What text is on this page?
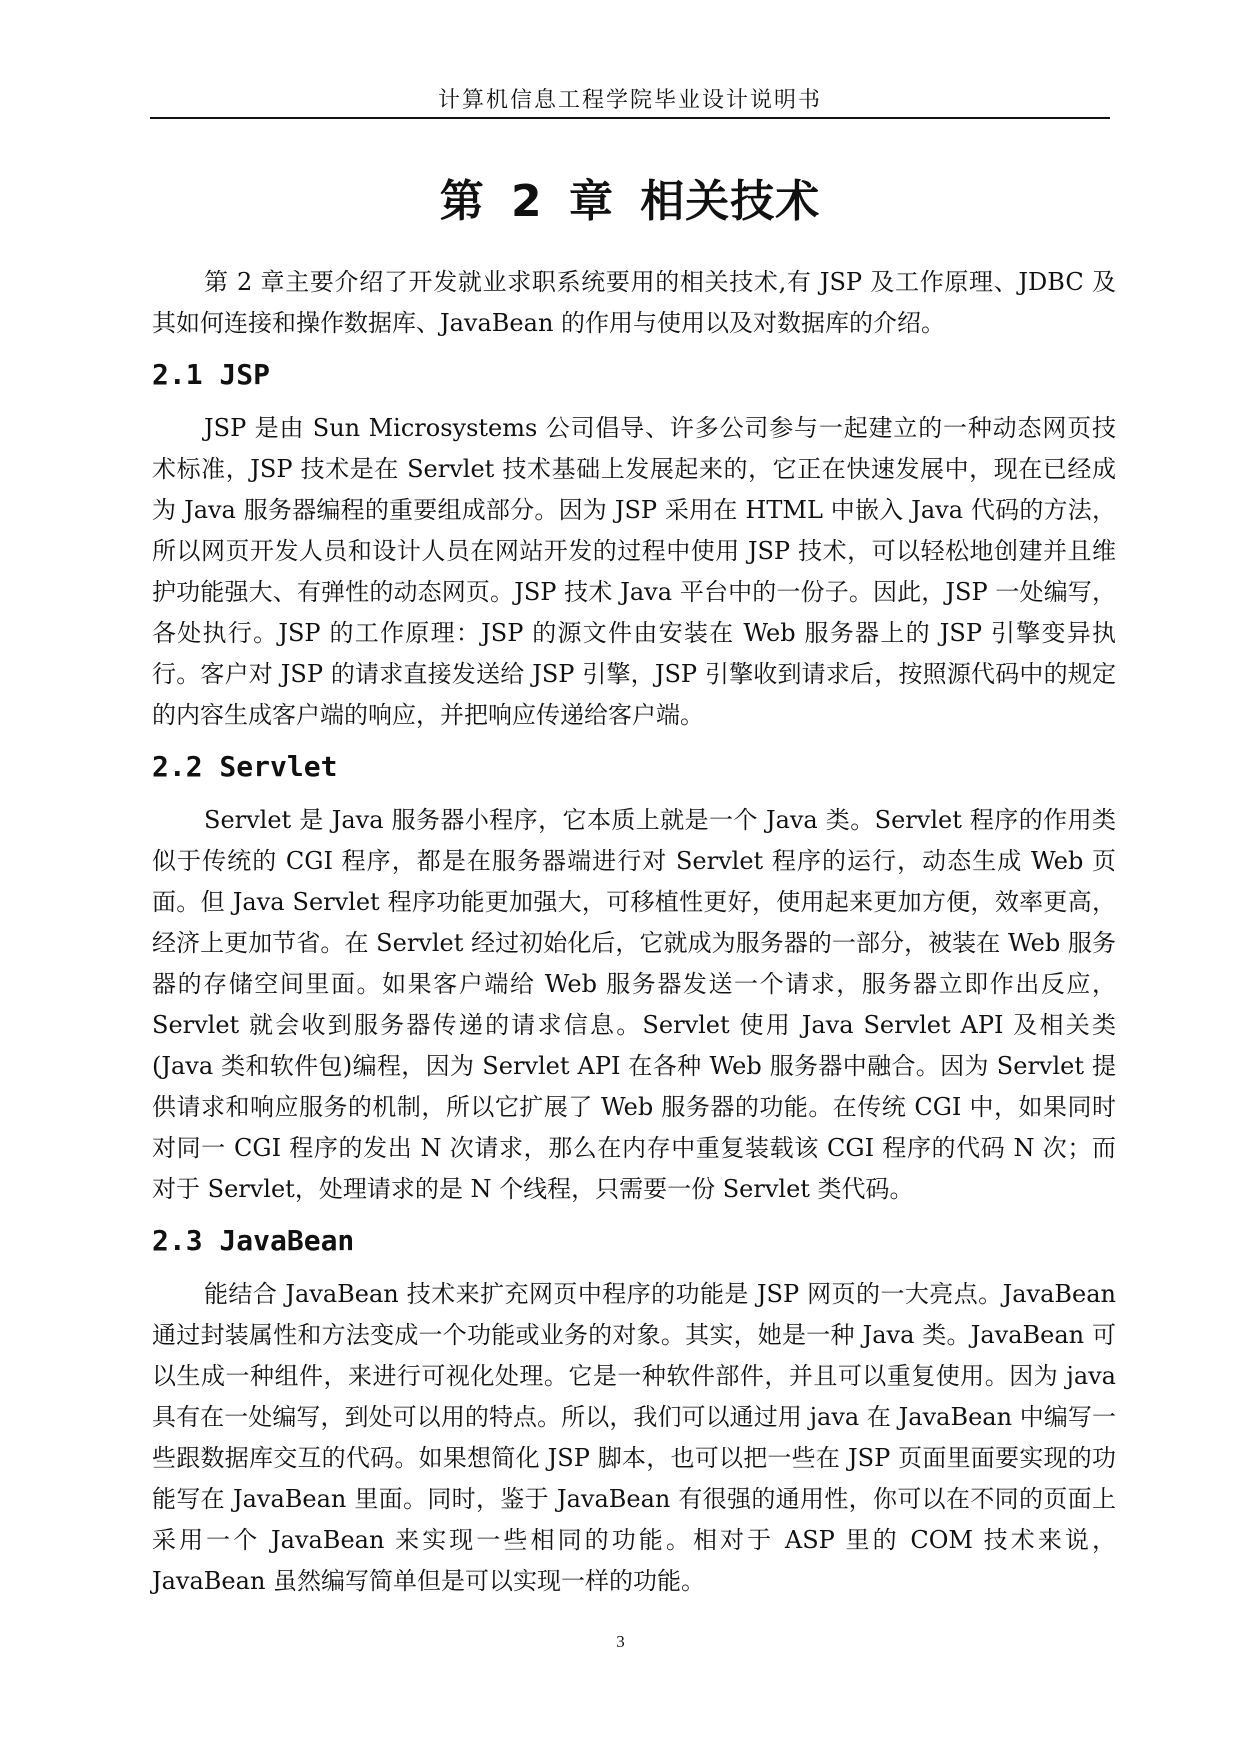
计算机信息工程学院毕业设计说明书
第 2 章 相关技术

第 2 章主要介绍了开发就业求职系统要用的相关技术,有 JSP 及工作原理、JDBC 及其如何连接和操作数据库、JavaBean 的作用与使用以及对数据库的介绍。

2.1 JSP

JSP 是由 Sun Microsystems 公司倡导、许多公司参与一起建立的一种动态网页技术标准，JSP 技术是在 Servlet 技术基础上发展起来的，它正在快速发展中，现在已经成为 Java 服务器编程的重要组成部分。因为 JSP 采用在 HTML 中嵌入 Java 代码的方法，所以网页开发人员和设计人员在网站开发的过程中使用 JSP 技术，可以轻松地创建并且维护功能强大、有弹性的动态网页。JSP 技术 Java 平台中的一份子。因此，JSP 一处编写，各处执行。JSP 的工作原理：JSP 的源文件由安装在 Web 服务器上的 JSP 引擎变异执行。客户对 JSP 的请求直接发送给 JSP 引擎，JSP 引擎收到请求后，按照源代码中的规定的内容生成客户端的响应，并把响应传递给客户端。

2.2 Servlet

Servlet 是 Java 服务器小程序，它本质上就是一个 Java 类。Servlet 程序的作用类似于传统的 CGI 程序，都是在服务器端进行对 Servlet 程序的运行，动态生成 Web 页面。但 Java Servlet 程序功能更加强大，可移植性更好，使用起来更加方便，效率更高，经济上更加节省。在 Servlet 经过初始化后，它就成为服务器的一部分，被装在 Web 服务器的存储空间里面。如果客户端给 Web 服务器发送一个请求，服务器立即作出反应，Servlet 就会收到服务器传递的请求信息。Servlet 使用 Java Servlet API 及相关类(Java 类和软件包)编程，因为 Servlet API 在各种 Web 服务器中融合。因为 Servlet 提供请求和响应服务的机制，所以它扩展了 Web 服务器的功能。在传统 CGI 中，如果同时对同一 CGI 程序的发出 N 次请求，那么在内存中重复装载该 CGI 程序的代码 N 次；而对于 Servlet，处理请求的是 N 个线程，只需要一份 Servlet 类代码。

2.3 JavaBean

能结合 JavaBean 技术来扩充网页中程序的功能是 JSP 网页的一大亮点。JavaBean 通过封装属性和方法变成一个功能或业务的对象。其实，她是一种 Java 类。JavaBean 可以生成一种组件，来进行可视化处理。它是一种软件部件，并且可以重复使用。因为 java 具有在一处编写，到处可以用的特点。所以，我们可以通过用 java 在 JavaBean 中编写一些跟数据库交互的代码。如果想简化 JSP 脚本，也可以把一些在 JSP 页面里面要实现的功能写在 JavaBean 里面。同时，鉴于 JavaBean 有很强的通用性，你可以在不同的页面上采用一个 JavaBean 来实现一些相同的功能。相对于 ASP 里的 COM 技术来说，JavaBean 虽然编写简单但是可以实现一样的功能。

3
